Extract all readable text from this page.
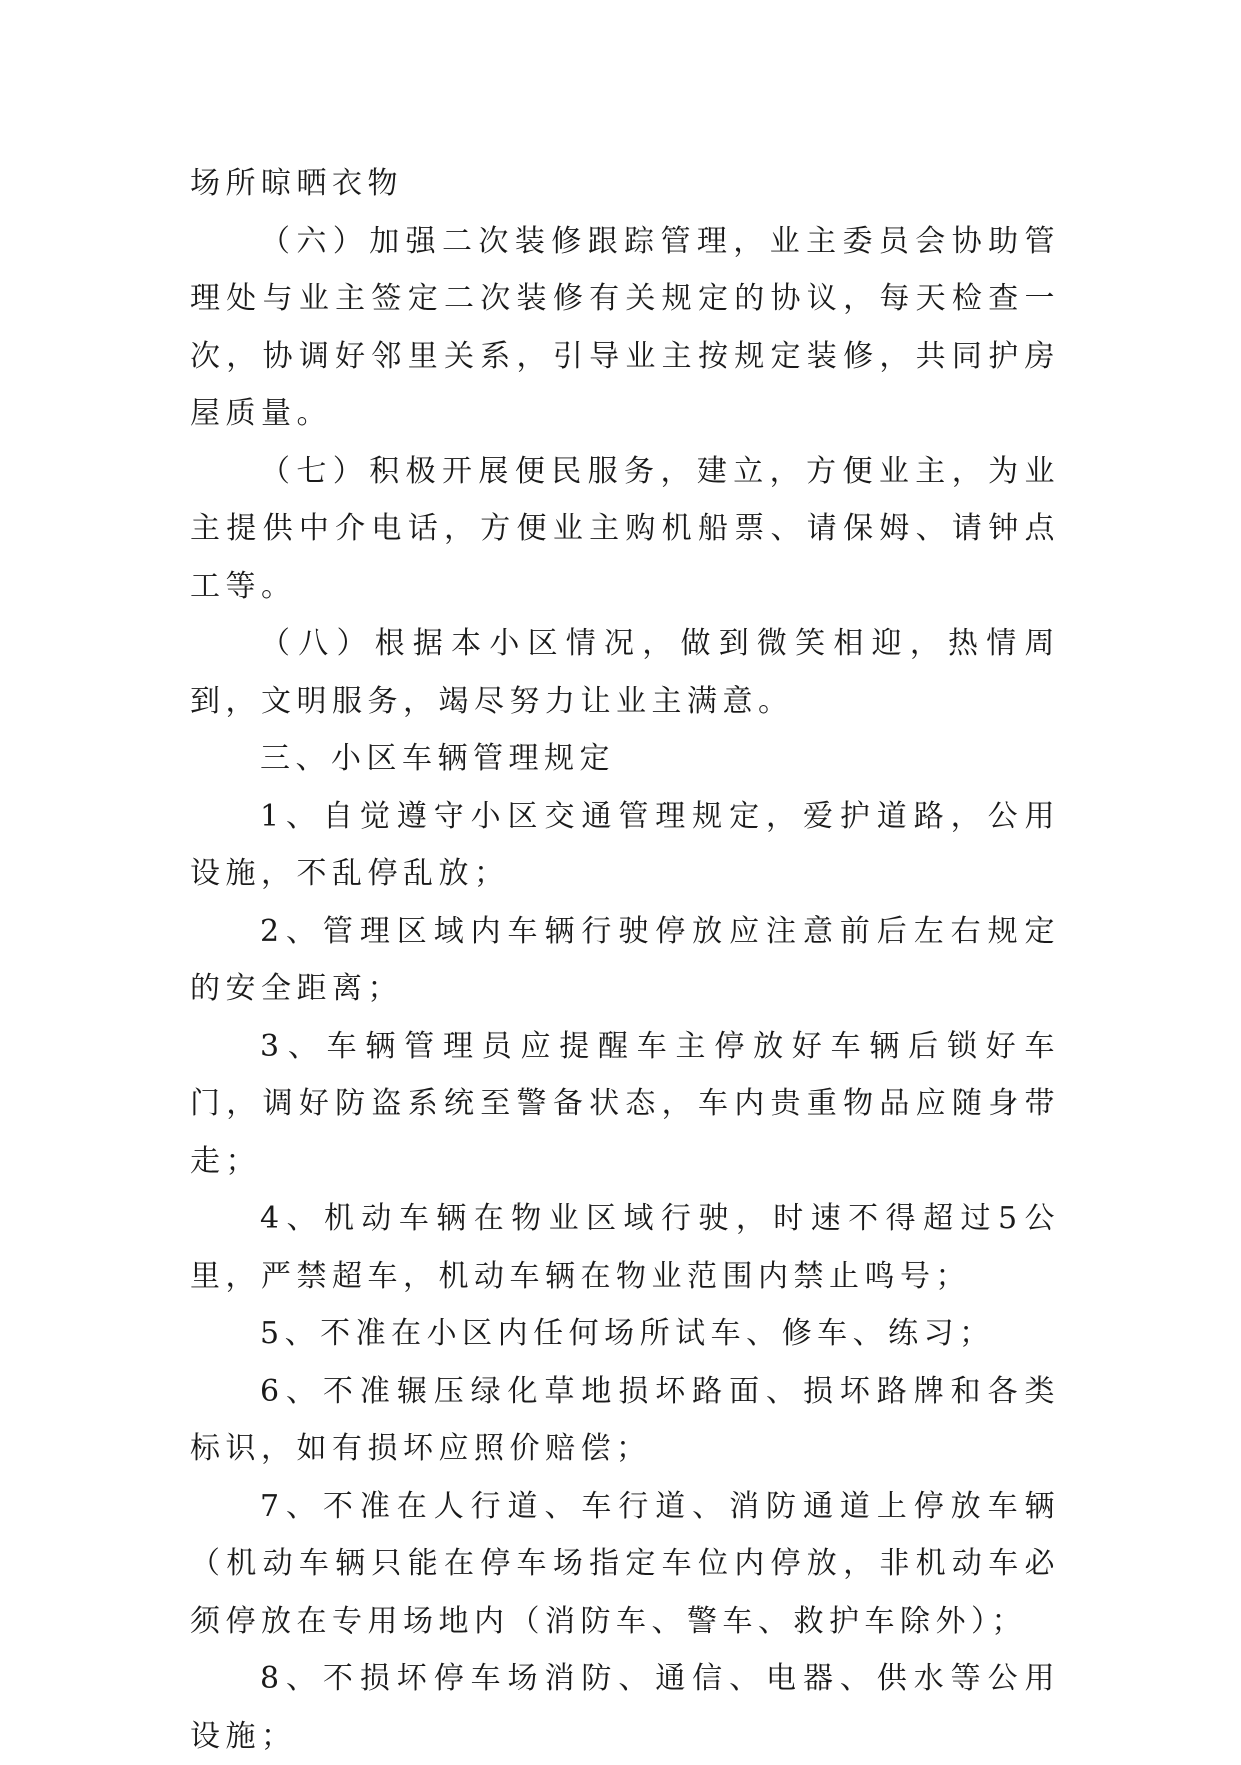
场所晾晒衣物

（六）加强二次装修跟踪管理，业主委员会协助管理处与业主签定二次装修有关规定的协议，每天检查一次，协调好邻里关系，引导业主按规定装修，共同护房屋质量。

（七）积极开展便民服务，建立，方便业主，为业主提供中介电话，方便业主购机船票、请保姆、请钟点工等。

（八）根据本小区情况，做到微笑相迎，热情周到，文明服务，竭尽努力让业主满意。

三、小区车辆管理规定

1、自觉遵守小区交通管理规定，爱护道路，公用设施，不乱停乱放；

2、管理区域内车辆行驶停放应注意前后左右规定的安全距离；

3、车辆管理员应提醒车主停放好车辆后锁好车门，调好防盗系统至警备状态，车内贵重物品应随身带走；

4、机动车辆在物业区域行驶，时速不得超过5公里，严禁超车，机动车辆在物业范围内禁止鸣号；

5、不准在小区内任何场所试车、修车、练习；

6、不准辗压绿化草地损坏路面、损坏路牌和各类标识，如有损坏应照价赔偿；

7、不准在人行道、车行道、消防通道上停放车辆（机动车辆只能在停车场指定车位内停放，非机动车必须停放在专用场地内（消防车、警车、救护车除外）；

8、不损坏停车场消防、通信、电器、供水等公用设施；
